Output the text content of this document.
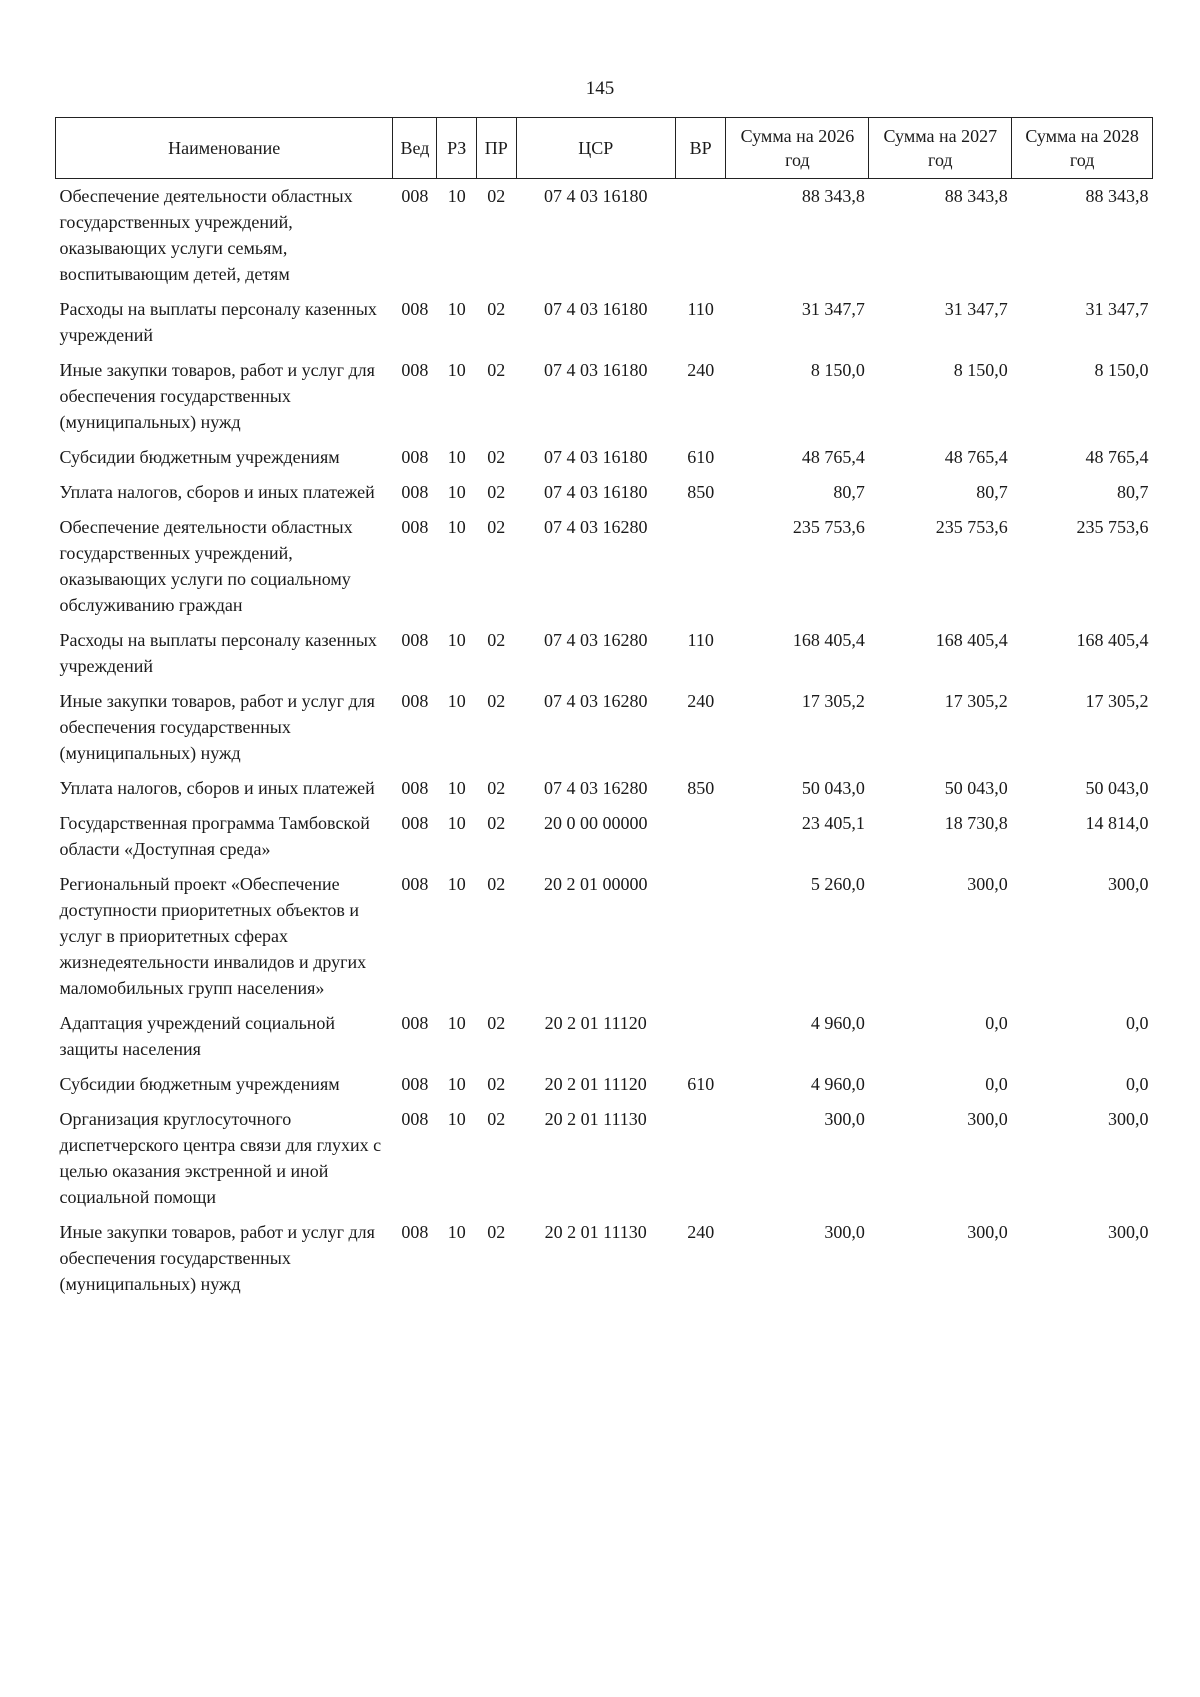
145
Наименование	Вед	РЗ	ПР	ЦСР	ВР	Сумма на 2026 год	Сумма на 2027 год	Сумма на 2028 год
Обеспечение деятельности областных государственных учреждений, оказывающих услуги семьям, воспитывающим детей, детям	008	10	02	07 4 03 16180		88 343,8	88 343,8	88 343,8
Расходы на выплаты персоналу казенных учреждений	008	10	02	07 4 03 16180	110	31 347,7	31 347,7	31 347,7
Иные закупки товаров, работ и услуг для обеспечения государственных (муниципальных) нужд	008	10	02	07 4 03 16180	240	8 150,0	8 150,0	8 150,0
Субсидии бюджетным учреждениям	008	10	02	07 4 03 16180	610	48 765,4	48 765,4	48 765,4
Уплата налогов, сборов и иных платежей	008	10	02	07 4 03 16180	850	80,7	80,7	80,7
Обеспечение деятельности областных государственных учреждений, оказывающих услуги по социальному обслуживанию граждан	008	10	02	07 4 03 16280		235 753,6	235 753,6	235 753,6
Расходы на выплаты персоналу казенных учреждений	008	10	02	07 4 03 16280	110	168 405,4	168 405,4	168 405,4
Иные закупки товаров, работ и услуг для обеспечения государственных (муниципальных) нужд	008	10	02	07 4 03 16280	240	17 305,2	17 305,2	17 305,2
Уплата налогов, сборов и иных платежей	008	10	02	07 4 03 16280	850	50 043,0	50 043,0	50 043,0
Государственная программа Тамбовской области «Доступная среда»	008	10	02	20 0 00 00000		23 405,1	18 730,8	14 814,0
Региональный проект «Обеспечение доступности приоритетных объектов и услуг в приоритетных сферах жизнедеятельности инвалидов и других маломобильных групп населения»	008	10	02	20 2 01 00000		5 260,0	300,0	300,0
Адаптация учреждений социальной защиты населения	008	10	02	20 2 01 11120		4 960,0	0,0	0,0
Субсидии бюджетным учреждениям	008	10	02	20 2 01 11120	610	4 960,0	0,0	0,0
Организация круглосуточного диспетчерского центра связи для глухих с целью оказания экстренной и иной социальной помощи	008	10	02	20 2 01 11130		300,0	300,0	300,0
Иные закупки товаров, работ и услуг для обеспечения государственных (муниципальных) нужд	008	10	02	20 2 01 11130	240	300,0	300,0	300,0
